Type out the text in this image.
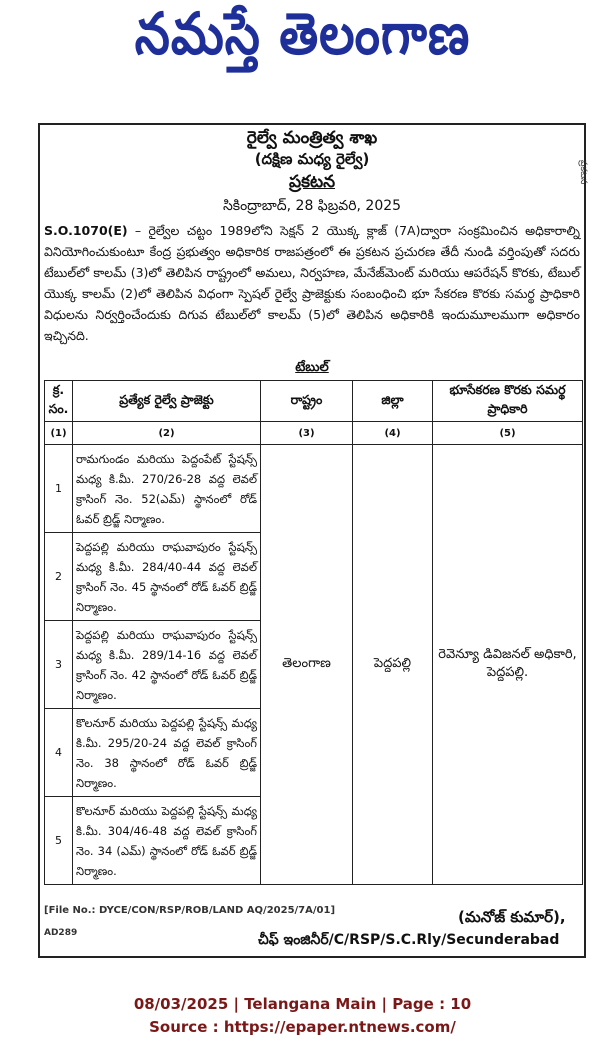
నమస్తే తెలంగాణ
ప్రకటన
రైల్వే మంత్రిత్వ శాఖ
(దక్షిణ మధ్య రైల్వే)
ప్రకటన
సికింద్రాబాద్, 28 ఫిబ్రవరి, 2025
S.O.1070(E) – రైల్వేల చట్టం 1989లోని సెక్షన్ 2 యొక్క క్లాజ్ (7A)ద్వారా సంక్రమించిన అధికారాల్ని వినియోగించుకుంటూ కేంద్ర ప్రభుత్వం అధికారిక రాజపత్రంలో ఈ ప్రకటన ప్రచురణ తేదీ నుండి వర్తింపుతో సదరు టేబుల్‌లో కాలమ్ (3)లో తెలిపిన రాష్ట్రంలో అమలు, నిర్వహణ, మేనేజ్‌మెంట్ మరియు ఆపరేషన్ కొరకు, టేబుల్ యొక్క కాలమ్ (2)లో తెలిపిన విధంగా స్పెషల్ రైల్వే ప్రాజెక్టుకు సంబంధించి భూ సేకరణ కొరకు సమర్థ ప్రాధికారి విధులను నిర్వర్తించేందుకు దిగువ టేబుల్‌లో కాలమ్ (5)లో తెలిపిన అధికారికి ఇందుమూలముగా అధికారం ఇచ్చినది.
టేబుల్
క్ర. సం.	ప్రత్యేక రైల్వే ప్రాజెక్టు	రాష్ట్రం	జిల్లా	భూసేకరణ కొరకు సమర్థ ప్రాధికారి
(1)	(2)	(3)	(4)	(5)
1	రామగుండం మరియు పెద్దంపేట్ స్టేషన్స్ మధ్య కి.మీ. 270/26-28 వద్ద లెవల్ క్రాసింగ్ నెం. 52(ఎమ్) స్థానంలో రోడ్ ఓవర్ బ్రిడ్జ్ నిర్మాణం.	తెలంగాణ	పెద్దపల్లి	రెవెన్యూ డివిజనల్ అధికారి, పెద్దపల్లి.
2	పెద్దపల్లి మరియు రాఘవాపురం స్టేషన్స్ మధ్య కి.మీ. 284/40-44 వద్ద లెవల్ క్రాసింగ్ నెం. 45 స్థానంలో రోడ్ ఓవర్ బ్రిడ్జ్ నిర్మాణం.			
3	పెద్దపల్లి మరియు రాఘవాపురం స్టేషన్స్ మధ్య కి.మీ. 289/14-16 వద్ద లెవల్ క్రాసింగ్ నెం. 42 స్థానంలో రోడ్ ఓవర్ బ్రిడ్జ్ నిర్మాణం.			
4	కొలనూర్ మరియు పెద్దపల్లి స్టేషన్స్ మధ్య కి.మీ. 295/20-24 వద్ద లెవల్ క్రాసింగ్ నెం. 38 స్థానంలో రోడ్ ఓవర్ బ్రిడ్జ్ నిర్మాణం.			
5	కొలనూర్ మరియు పెద్దపల్లి స్టేషన్స్ మధ్య కి.మీ. 304/46-48 వద్ద లెవల్ క్రాసింగ్ నెం. 34 (ఎమ్) స్థానంలో రోడ్ ఓవర్ బ్రిడ్జ్ నిర్మాణం.			
[File No.: DYCE/CON/RSP/ROB/LAND AQ/2025/7A/01]	(మనోజ్ కుమార్),
AD289	చీఫ్ ఇంజినీర్/C/RSP/S.C.Rly/Secunderabad
08/03/2025 | Telangana Main | Page : 10
Source : https://epaper.ntnews.com/
